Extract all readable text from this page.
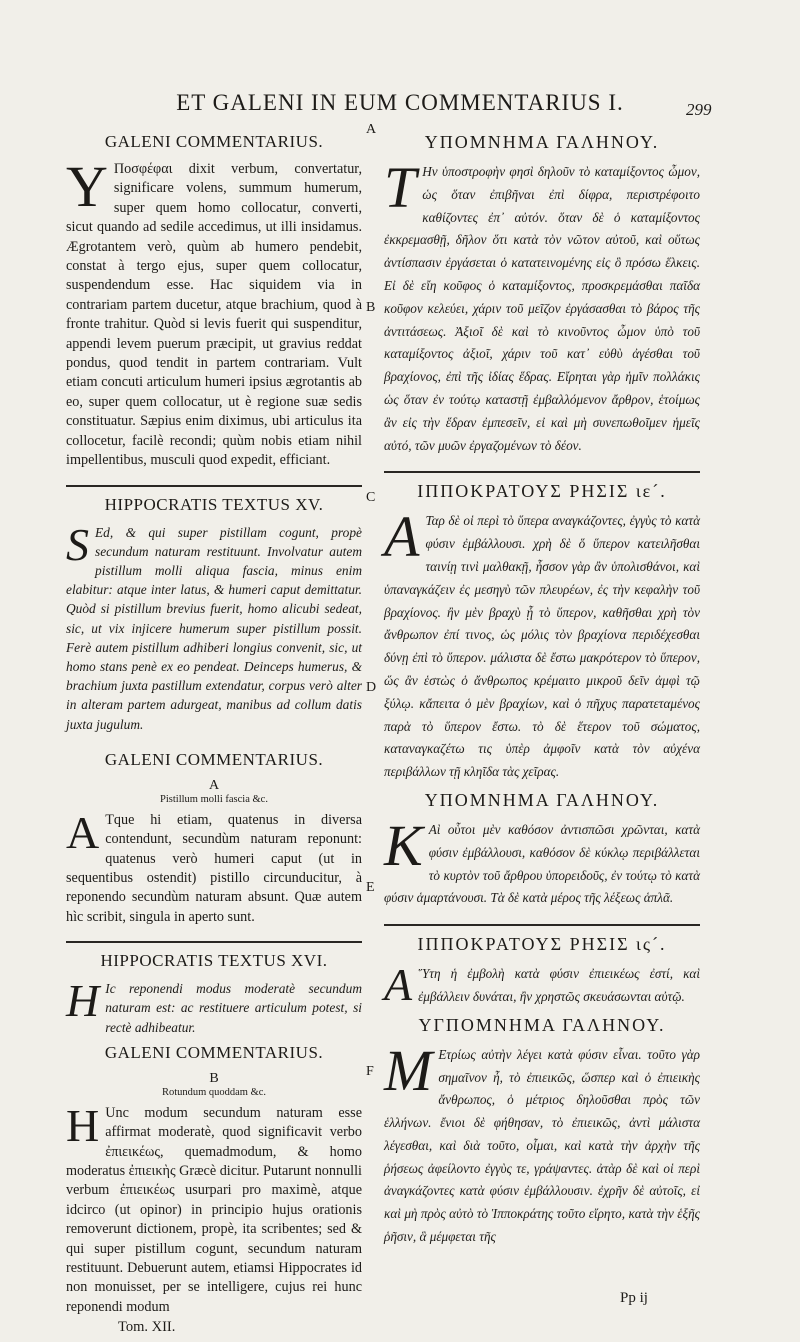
ET GALENI IN EUM COMMENTARIUS I.	299
A
B
C
D
E
F
GALENI COMMENTARIUS.

Y Ποσφέφαι dixit verbum, convertatur, significare volens, summum humerum, super quem homo collocatur, converti, sicut quando ad sedile accedimus, ut illi insidamus. Ægrotantem verò, quùm ab humero pendebit, constat à tergo ejus, super quem collocatur, suspendendum esse. Hac siquidem via in contrariam partem ducetur, atque brachium, quod à fronte trahitur. Quòd si levis fuerit qui suspenditur, appendi levem puerum præcipit, ut gravius reddat pondus, quod tendit in partem contrariam. Vult etiam concuti articulum humeri ipsius ægrotantis ab eo, super quem collocatur, ut è regione suæ sedis constituatur. Sæpius enim diximus, ubi articulus ita collocetur, facilè recondi; quùm nobis etiam nihil impellentibus, musculi quod expedit, efficiant.

HIPPOCRATIS TEXTUS XV.

S Ed, & qui super pistillam cogunt, propè secundum naturam restituunt. Involvatur autem pistillum molli aliqua fascia, minus enim elabitur: atque inter latus, & humeri caput demittatur. Quòd si pistillum brevius fuerit, homo alicubi sedeat, sic, ut vix injicere humerum super pistillum possit. Ferè autem pistillum adhiberi longius convenit, sic, ut homo stans penè ex eo pendeat. Deinceps humerus, & brachium juxta pastillum extendatur, corpus verò alter in alteram partem adurgeat, manibus ad collum datis juxta jugulum.

GALENI COMMENTARIUS.
A
Pistillum molli fascia &c.

A Tque hi etiam, quatenus in diversa contendunt, secundùm naturam reponunt: quatenus verò humeri caput (ut in sequentibus ostendit) pistillo circunducitur, à reponendo secundùm naturam absunt. Quæ autem hìc scribit, singula in aperto sunt.

HIPPOCRATIS TEXTUS XVI.

H Ic reponendi modus moderatè secundum naturam est: ac restituere articulum potest, si rectè adhibeatur.

GALENI COMMENTARIUS.
B
Rotundum quoddam &c.

H Unc modum secundum naturam esse affirmat moderatè, quod significavit verbo ἐπιεικέως, quemadmodum, & homo moderatus ἐπιεικὴς Græcè dicitur. Putarunt nonnulli verbum ἐπιεικέως usurpari pro maximè, atque idcirco (ut opinor) in principio hujus orationis removerunt dictionem, propè, ita scribentes; sed & qui super pistillum cogunt, secundum naturam restituunt. Debuerunt autem, etiamsi Hippocrates id non monuisset, per se intelligere, cujus rei hunc reponendi modum

Tom. XII.
ΥΠΟΜΝΗΜΑ ΓΑΛΗΝΟΥ.

T Ην ὑποστροφὴν φησὶ δηλοῦν τὸ καταμίξοντος ὦμον, ὡς ὅταν ἐπιβῆναι ἐπὶ δίφρα, περιστρέφοιτο καθίζοντες ἐπ᾽ αὐτόν. ὅταν δὲ ὁ καταμίξοντος ἐκκρεμασθῇ, δῆλον ὅτι κατὰ τὸν νῶτον αὐτοῦ, καὶ οὕτως ἀντίσπασιν ἐργάσεται ὁ κατατεινομένης εἰς ὃ πρόσω ἕλκεις. Εἰ δὲ εἴη κοῦφος ὁ καταμίξοντος, προσκρεμάσθαι παῖδα κοῦφον κελεύει, χάριν τοῦ μεῖζον ἐργάσασθαι τὸ βάρος τῆς ἀντιτάσεως. Ἀξιοῖ δὲ καὶ τὸ κινοῦντος ὦμον ὑπὸ τοῦ καταμίξοντος ἀξιοῖ, χάριν τοῦ κατ᾽ εὐθὺ ἀγέσθαι τοῦ βραχίονος, ἐπὶ τῆς ἰδίας ἕδρας. Εἴρηται γὰρ ἡμῖν πολλάκις ὡς ὅταν ἐν τούτῳ καταστῇ ἐμβαλλόμενον ἄρθρον, ἑτοίμως ἂν εἰς τὴν ἕδραν ἐμπεσεῖν, εἰ καὶ μὴ συνεπωθοῖμεν ἡμεῖς αὐτό, τῶν μυῶν ἐργαζομένων τὸ δέον.

ΙΠΠΟΚΡΑΤΟΥΣ ΡΗΣΙΣ ιε´.

A Ταρ δὲ οἱ περὶ τὸ ὕπερα αναγκάζοντες, ἐγγὺς τὸ κατὰ φύσιν ἐμβάλλουσι. χρὴ δὲ ὅ ὕπερον κατειλῆσθαι ταινίῃ τινὶ μαλθακῇ, ἧσσον γὰρ ἂν ὑπολισθάνοι, καὶ ὑπαναγκάζειν ἐς μεσηγὺ τῶν πλευρέων, ἐς τὴν κεφαλὴν τοῦ βραχίονος. ἢν μὲν βραχὺ ᾖ τὸ ὕπερον, καθῆσθαι χρὴ τὸν ἄνθρωπον ἐπί τινος, ὡς μόλις τὸν βραχίονα περιδέχεσθαι δύνῃ ἐπὶ τὸ ὕπερον. μάλιστα δὲ ἔστω μακρότερον τὸ ὕπερον, ὥς ἂν ἑστὼς ὁ ἄνθρωπος κρέμαιτο μικροῦ δεῖν ἀμφὶ τῷ ξύλῳ. κἄπειτα ὁ μὲν βραχίων, καὶ ὁ πῆχυς παρατεταμένος παρὰ τὸ ὕπερον ἔστω. τὸ δὲ ἕτερον τοῦ σώματος, καταναγκαζέτω τις ὑπὲρ ἀμφοῖν κατὰ τὸν αὐχένα περιβάλλων τῇ κληῖδα τὰς χεῖρας.

ΥΠΟΜΝΗΜΑ ΓΑΛΗΝΟΥ.

K Αὶ οὗτοι μὲν καθόσον ἀντισπῶσι χρῶνται, κατὰ φύσιν ἐμβάλλουσι, καθόσον δὲ κύκλῳ περιβάλλεται τὸ κυρτὸν τοῦ ἄρθρου ὑπορειδοῦς, ἐν τούτῳ τὸ κατὰ φύσιν ἁμαρτάνουσι. Τὰ δὲ κατὰ μέρος τῆς λέξεως ἁπλᾶ.

ΙΠΠΟΚΡΑΤΟΥΣ ΡΗΣΙΣ ις´.

A Ὕτη ἡ ἐμβολὴ κατὰ φύσιν ἐπιεικέως ἐστί, καὶ ἐμβάλλειν δυνάται, ἢν χρηστῶς σκευάσωνται αὐτῷ.

ΥΓΠΟΜΝΗΜΑ ΓΑΛΗΝΟΥ.

M Ετρίως αὐτὴν λέγει κατὰ φύσιν εἶναι. τοῦτο γὰρ σημαῖνον ἦ, τὸ ἐπιεικῶς, ὥσπερ καὶ ὁ ἐπιεικὴς ἄνθρωπος, ὁ μέτριος δηλοῦσθαι πρὸς τῶν ἑλλήνων. ἔνιοι δὲ φήθησαν, τὸ ἐπιεικῶς, ἀντὶ μάλιστα λέγεσθαι, καὶ διὰ τοῦτο, οἶμαι, καὶ κατὰ τὴν ἀρχὴν τῆς ῥήσεως ἀφείλοντο ἐγγὺς τε, γράψαντες. ἀτὰρ δὲ καὶ οἱ περὶ ἀναγκάζοντες κατὰ φύσιν ἐμβάλλουσιν. ἐχρῆν δὲ αὐτοῖς, εἰ καὶ μὴ πρὸς αὐτὸ τὸ Ἱπποκράτης τοῦτο εἴρητο, κατὰ τὴν ἑξῆς ῥῆσιν, ἃ μέμφεται τῆς

Pp ij
